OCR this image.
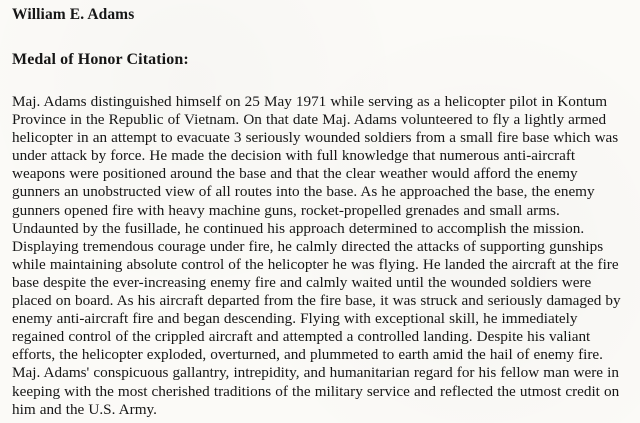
William E. Adams
Medal of Honor Citation:

Maj. Adams distinguished himself on 25 May 1971 while serving as a helicopter pilot in Kontum Province in the Republic of Vietnam. On that date Maj. Adams volunteered to fly a lightly armed helicopter in an attempt to evacuate 3 seriously wounded soldiers from a small fire base which was under attack by force. He made the decision with full knowledge that numerous anti-aircraft weapons were positioned around the base and that the clear weather would afford the enemy gunners an unobstructed view of all routes into the base. As he approached the base, the enemy gunners opened fire with heavy machine guns, rocket-propelled grenades and small arms. Undaunted by the fusillade, he continued his approach determined to accomplish the mission. Displaying tremendous courage under fire, he calmly directed the attacks of supporting gunships while maintaining absolute control of the helicopter he was flying. He landed the aircraft at the fire base despite the ever-increasing enemy fire and calmly waited until the wounded soldiers were placed on board. As his aircraft departed from the fire base, it was struck and seriously damaged by enemy anti-aircraft fire and began descending. Flying with exceptional skill, he immediately regained control of the crippled aircraft and attempted a controlled landing. Despite his valiant efforts, the helicopter exploded, overturned, and plummeted to earth amid the hail of enemy fire. Maj. Adams' conspicuous gallantry, intrepidity, and humanitarian regard for his fellow man were in keeping with the most cherished traditions of the military service and reflected the utmost credit on him and the U.S. Army.
